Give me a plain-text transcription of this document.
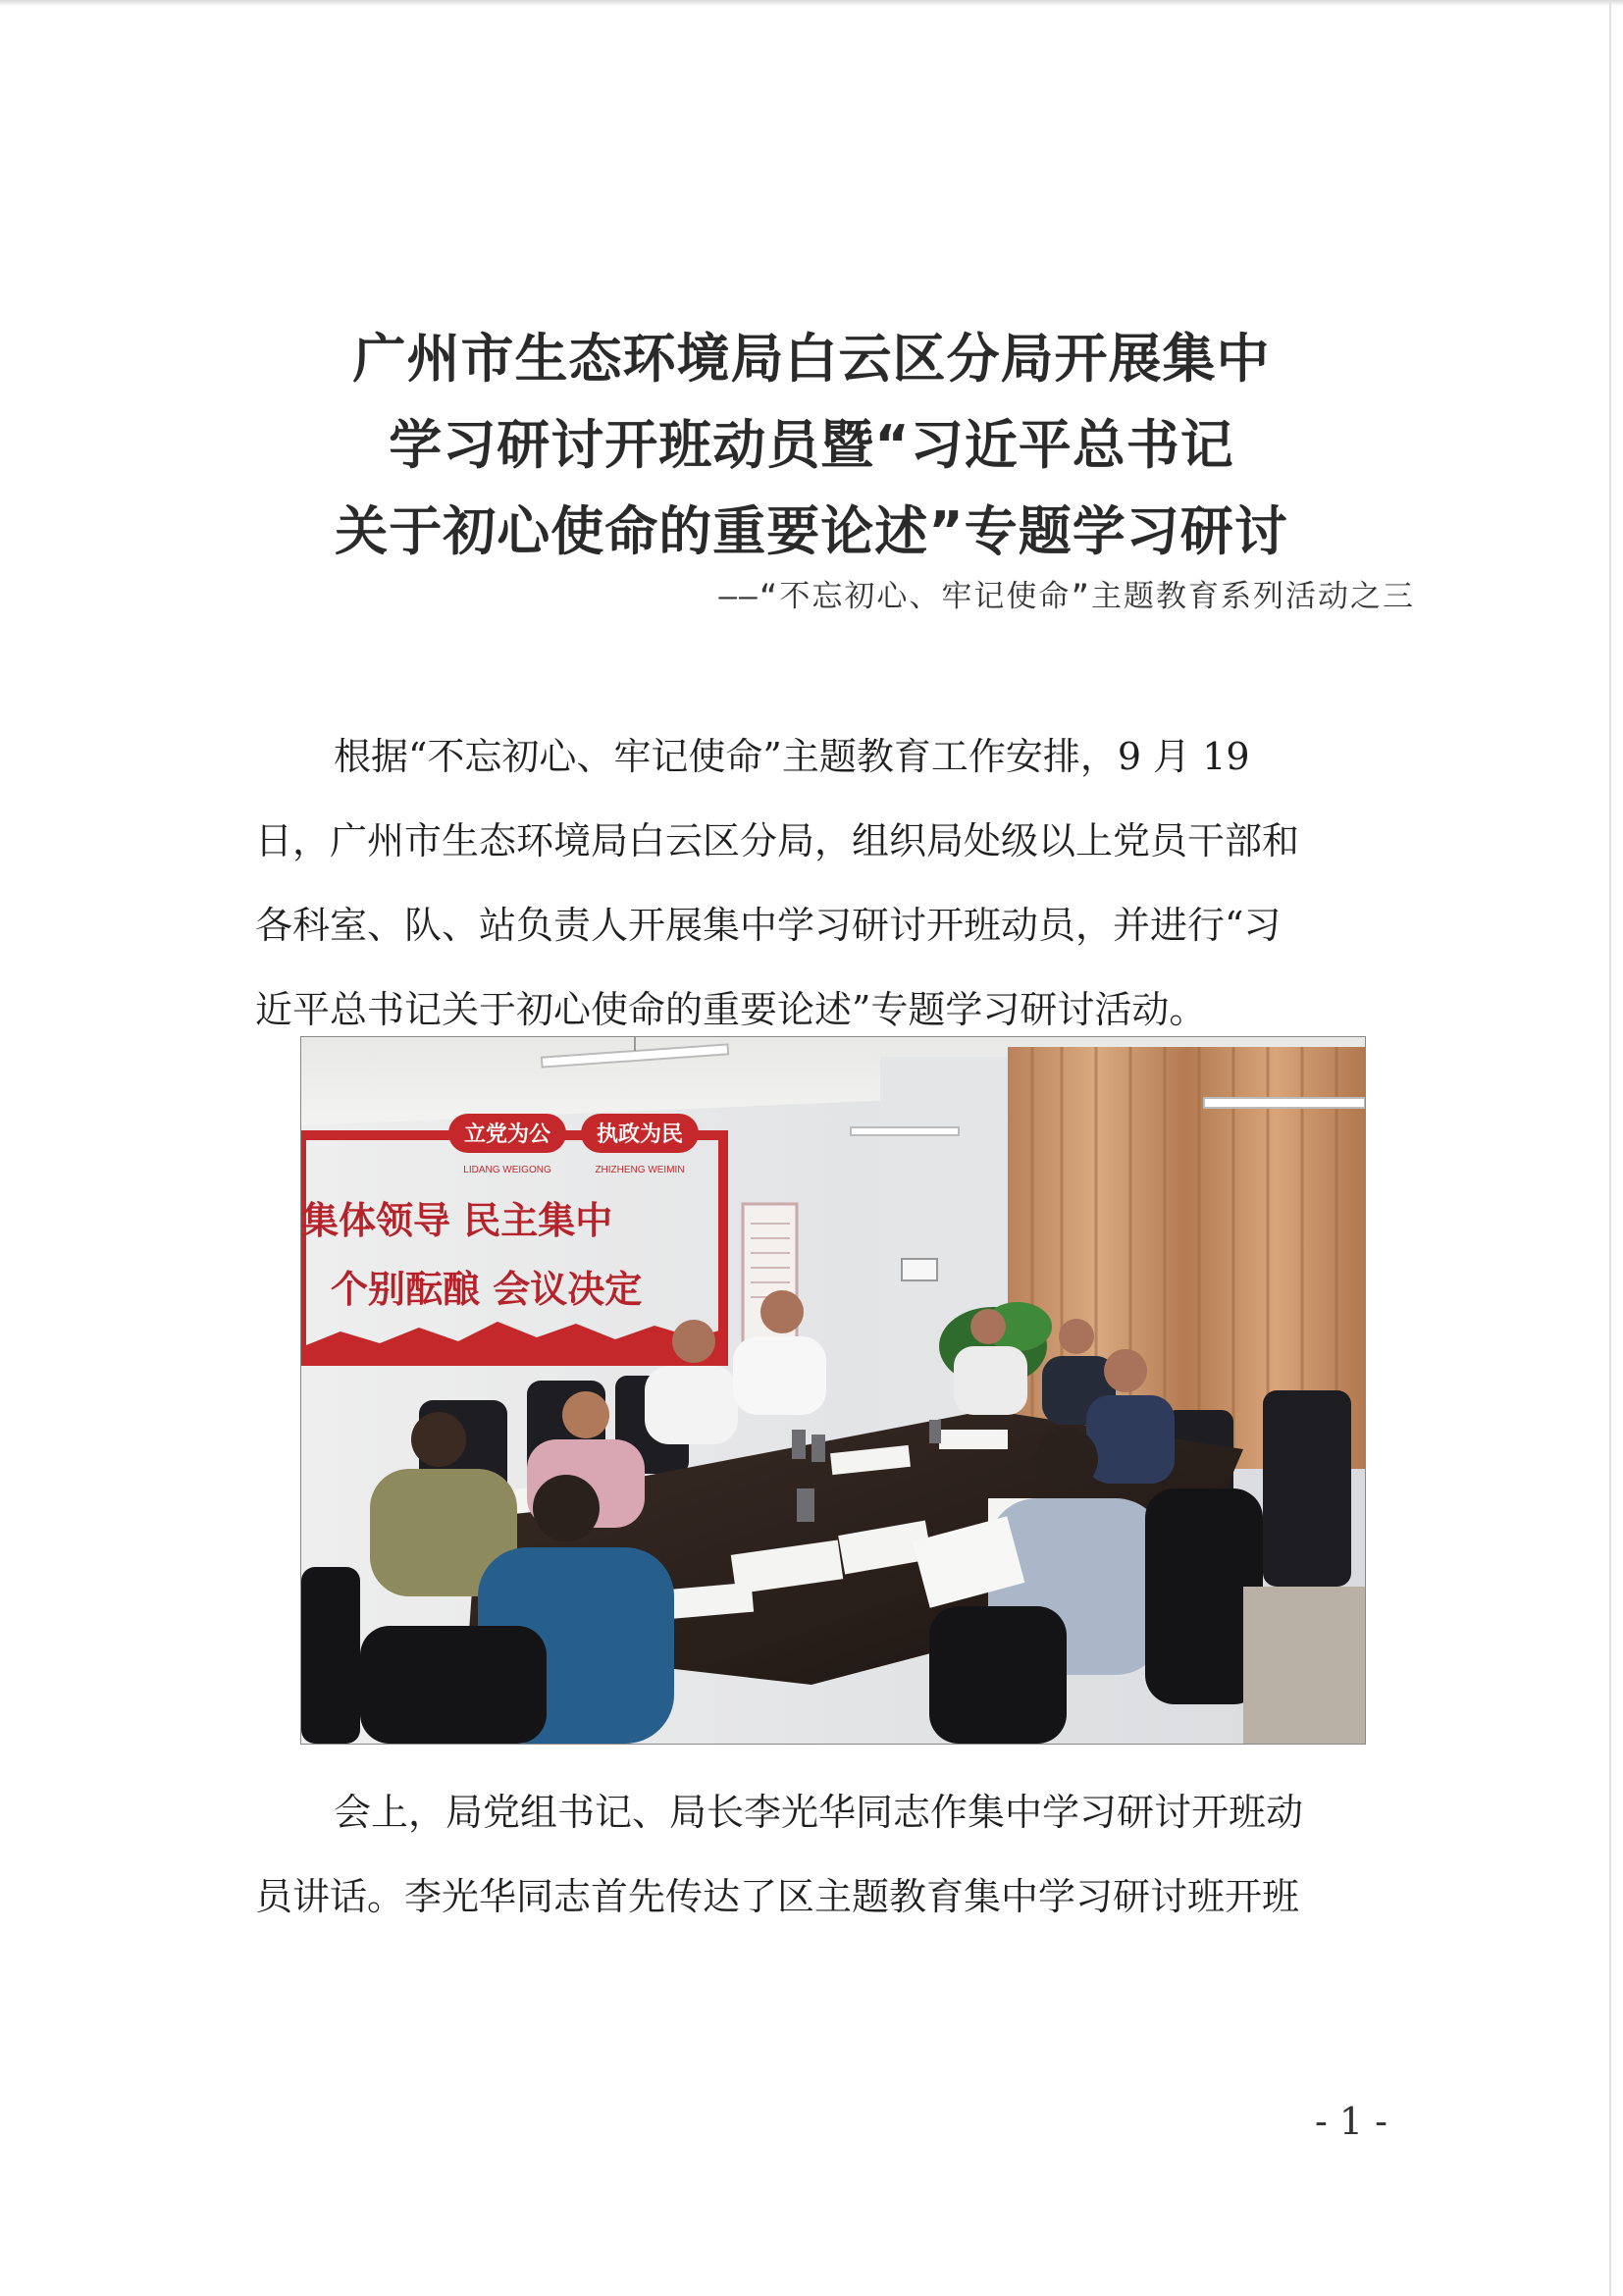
广州市生态环境局白云区分局开展集中
学习研讨开班动员暨“习近平总书记
关于初心使命的重要论述”专题学习研讨
——“不忘初心、牢记使命”主题教育系列活动之三
根据“不忘初心、牢记使命”主题教育工作安排，9 月 19
日，广州市生态环境局白云区分局，组织局处级以上党员干部和
各科室、队、站负责人开展集中学习研讨开班动员，并进行“习
近平总书记关于初心使命的重要论述”专题学习研讨活动。
立党为公 执政为民
LIDANG WEIGONG	ZHIZHENG WEIMIN
集体领导 民主集中
个别酝酿 会议决定
会上，局党组书记、局长李光华同志作集中学习研讨开班动
员讲话。李光华同志首先传达了区主题教育集中学习研讨班开班
- 1 -
